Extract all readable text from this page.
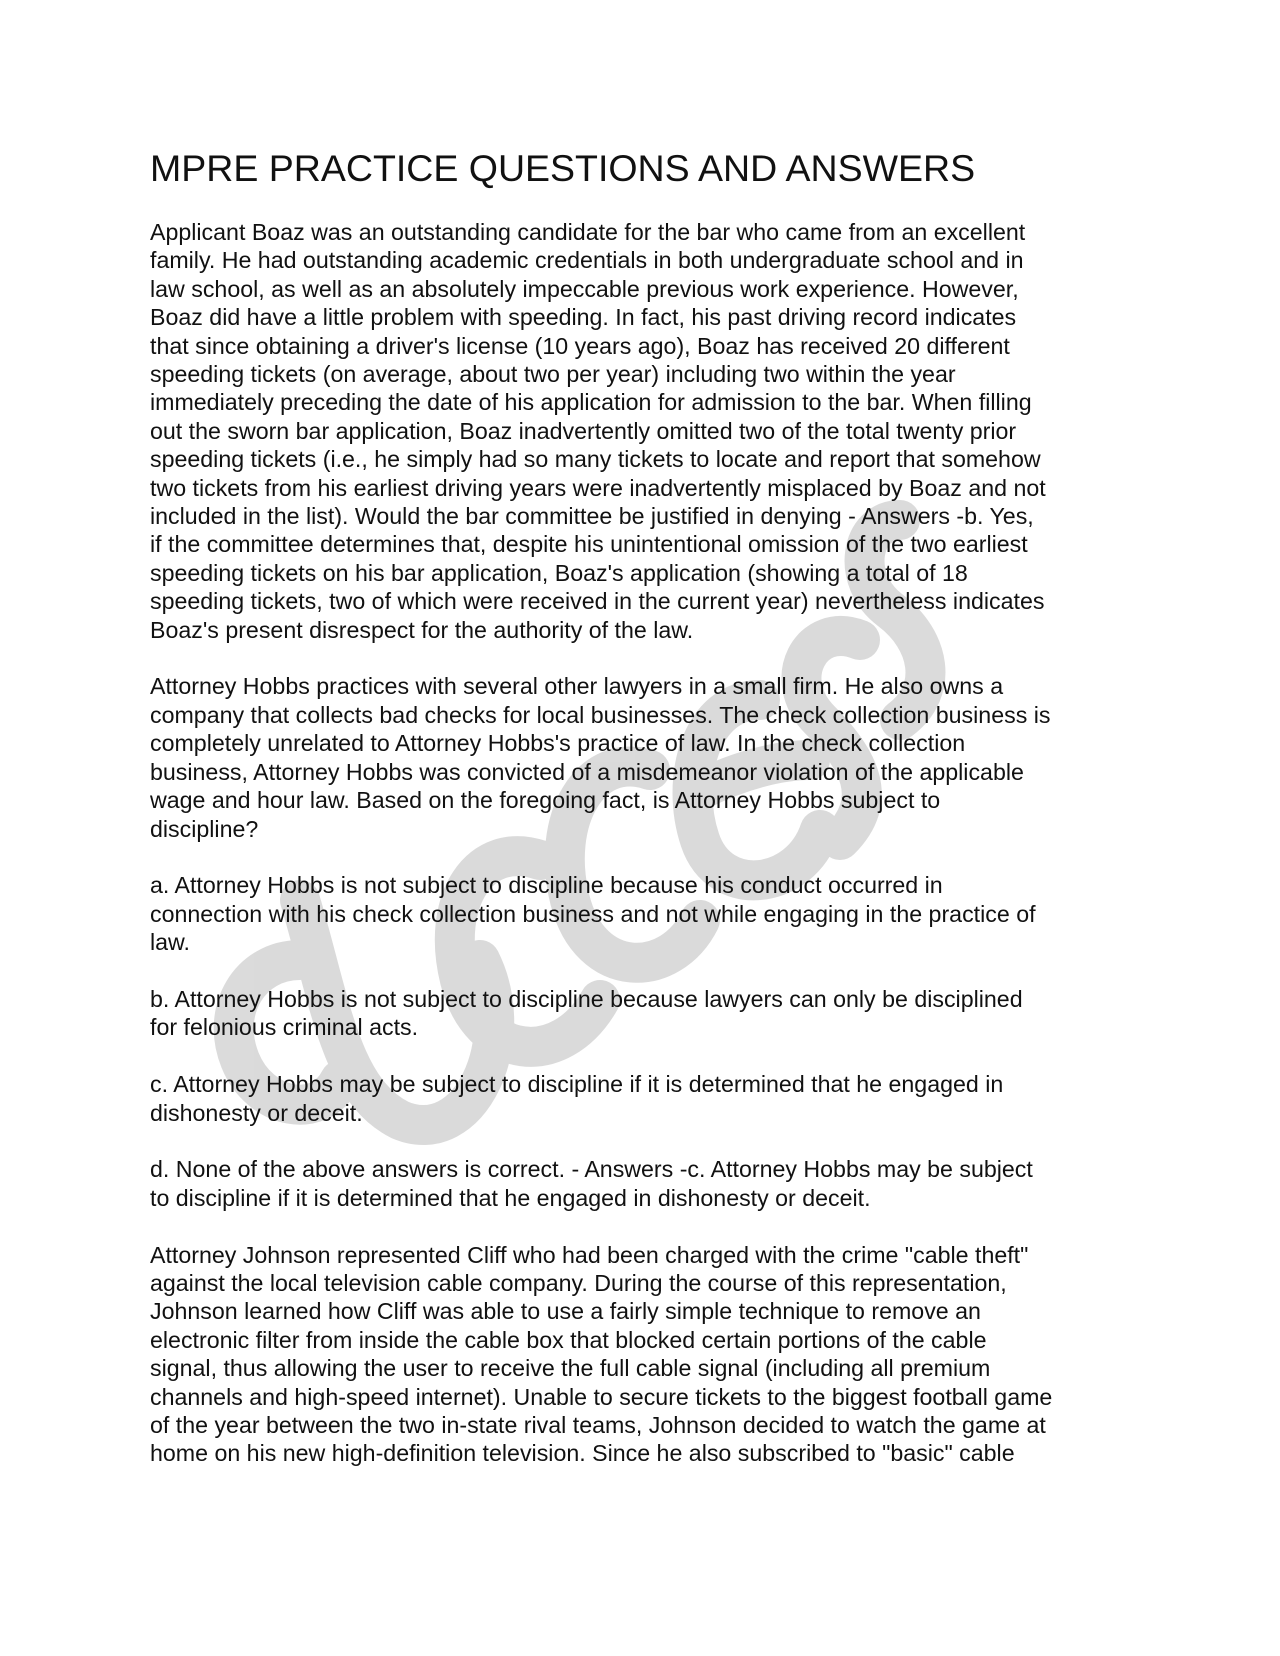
MPRE PRACTICE QUESTIONS AND ANSWERS

Applicant Boaz was an outstanding candidate for the bar who came from an excellent
family. He had outstanding academic credentials in both undergraduate school and in
law school, as well as an absolutely impeccable previous work experience. However,
Boaz did have a little problem with speeding. In fact, his past driving record indicates
that since obtaining a driver's license (10 years ago), Boaz has received 20 different
speeding tickets (on average, about two per year) including two within the year
immediately preceding the date of his application for admission to the bar. When filling
out the sworn bar application, Boaz inadvertently omitted two of the total twenty prior
speeding tickets (i.e., he simply had so many tickets to locate and report that somehow
two tickets from his earliest driving years were inadvertently misplaced by Boaz and not
included in the list). Would the bar committee be justified in denying - Answers -b. Yes,
if the committee determines that, despite his unintentional omission of the two earliest
speeding tickets on his bar application, Boaz's application (showing a total of 18
speeding tickets, two of which were received in the current year) nevertheless indicates
Boaz's present disrespect for the authority of the law.

Attorney Hobbs practices with several other lawyers in a small firm. He also owns a
company that collects bad checks for local businesses. The check collection business is
completely unrelated to Attorney Hobbs's practice of law. In the check collection
business, Attorney Hobbs was convicted of a misdemeanor violation of the applicable
wage and hour law. Based on the foregoing fact, is Attorney Hobbs subject to
discipline?

a. Attorney Hobbs is not subject to discipline because his conduct occurred in
connection with his check collection business and not while engaging in the practice of
law.

b. Attorney Hobbs is not subject to discipline because lawyers can only be disciplined
for felonious criminal acts.

c. Attorney Hobbs may be subject to discipline if it is determined that he engaged in
dishonesty or deceit.

d. None of the above answers is correct. - Answers -c. Attorney Hobbs may be subject
to discipline if it is determined that he engaged in dishonesty or deceit.

Attorney Johnson represented Cliff who had been charged with the crime "cable theft"
against the local television cable company. During the course of this representation,
Johnson learned how Cliff was able to use a fairly simple technique to remove an
electronic filter from inside the cable box that blocked certain portions of the cable
signal, thus allowing the user to receive the full cable signal (including all premium
channels and high-speed internet). Unable to secure tickets to the biggest football game
of the year between the two in-state rival teams, Johnson decided to watch the game at
home on his new high-definition television. Since he also subscribed to "basic" cable
